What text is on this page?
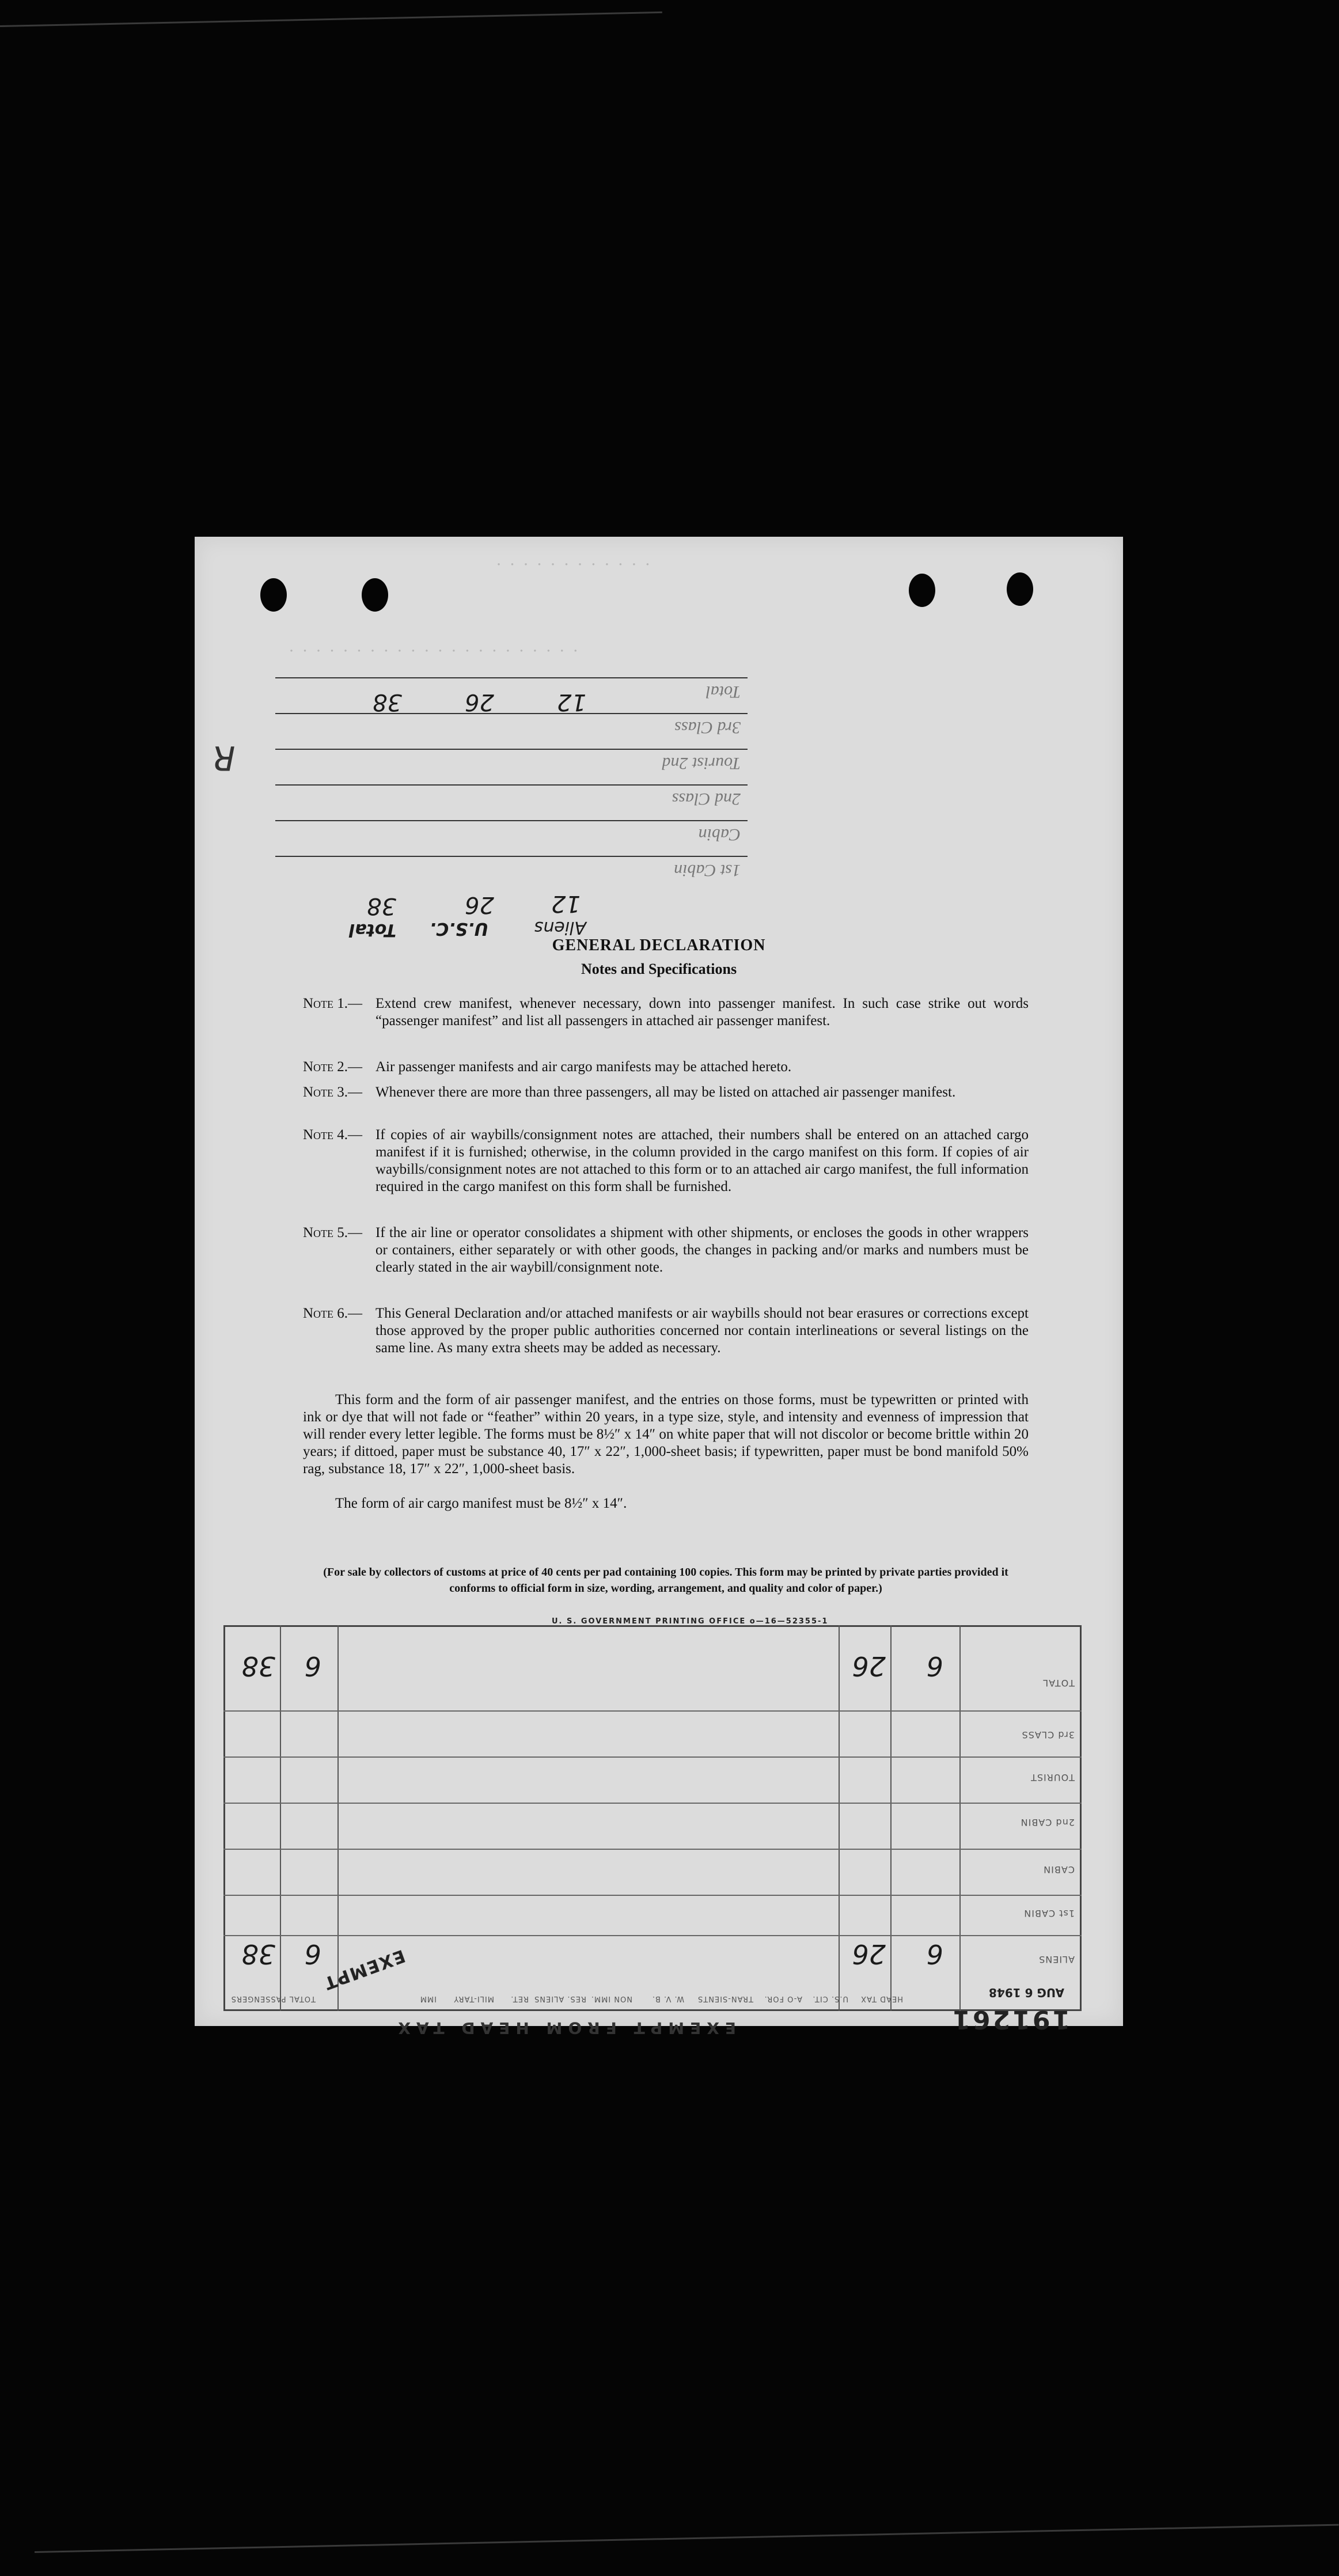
· · · · · · · · · · · ·
· · · · · · · · · · · · · · · · · · · · · ·
1st Cabin
Cabin
2nd Class
Tourist 2nd
3rd Class
Total
12
26
38
12
26
38
Aliens
U.S.C.
Total
R
GENERAL DECLARATION
Notes and Specifications
Note 1.— Extend crew manifest, whenever necessary, down into passenger manifest. In such case strike out words “passenger manifest” and list all passengers in attached air passenger manifest.
Note 2.— Air passenger manifests and air cargo manifests may be attached hereto.
Note 3.— Whenever there are more than three passengers, all may be listed on attached air passenger manifest.
Note 4.— If copies of air waybills/consignment notes are attached, their numbers shall be entered on an attached cargo manifest if it is furnished; otherwise, in the column provided in the cargo manifest on this form. If copies of air waybills/consignment notes are not attached to this form or to an attached air cargo manifest, the full information required in the cargo manifest on this form shall be furnished.
Note 5.— If the air line or operator consolidates a shipment with other shipments, or encloses the goods in other wrappers or containers, either separately or with other goods, the changes in packing and/or marks and numbers must be clearly stated in the air waybill/consignment note.
Note 6.— This General Declaration and/or attached manifests or air waybills should not bear erasures or corrections except those approved by the proper public authorities concerned nor contain interlineations or several listings on the same line. As many extra sheets may be added as necessary.
This form and the form of air passenger manifest, and the entries on those forms, must be typewritten or printed with ink or dye that will not fade or “feather” within 20 years, in a type size, style, and intensity and evenness of impression that will render every letter legible. The forms must be 8½″ x 14″ on white paper that will not discolor or become brittle within 20 years; if dittoed, paper must be substance 40, 17″ x 22″, 1,000-sheet basis; if typewritten, paper must be bond manifold 50% rag, substance 18, 17″ x 22″, 1,000-sheet basis.
The form of air cargo manifest must be 8½″ x 14″.
(For sale by collectors of customs at price of 40 cents per pad containing 100 copies. This form may be printed by private parties provided it conforms to official form in size, wording, arrangement, and quality and color of paper.)
U. S. GOVERNMENT PRINTING OFFICE o—16—52355-1
TOTAL
3rd CLASS
TOURIST
2nd CABIN
CABIN
1st CABIN
ALIENS
HEAD TAX
U.S. CIT.
A-O FOR.
TRAN-SIENTS
W. V. B.
NON IMM.
RES. ALIENS
RET.
MILI-TARY
IMM
TOTAL PASSENGERS
6
26
6
38
6
26
6
38
191261
AUG 6 1948
EXEMPT FROM HEAD TAX
EXEMPT
